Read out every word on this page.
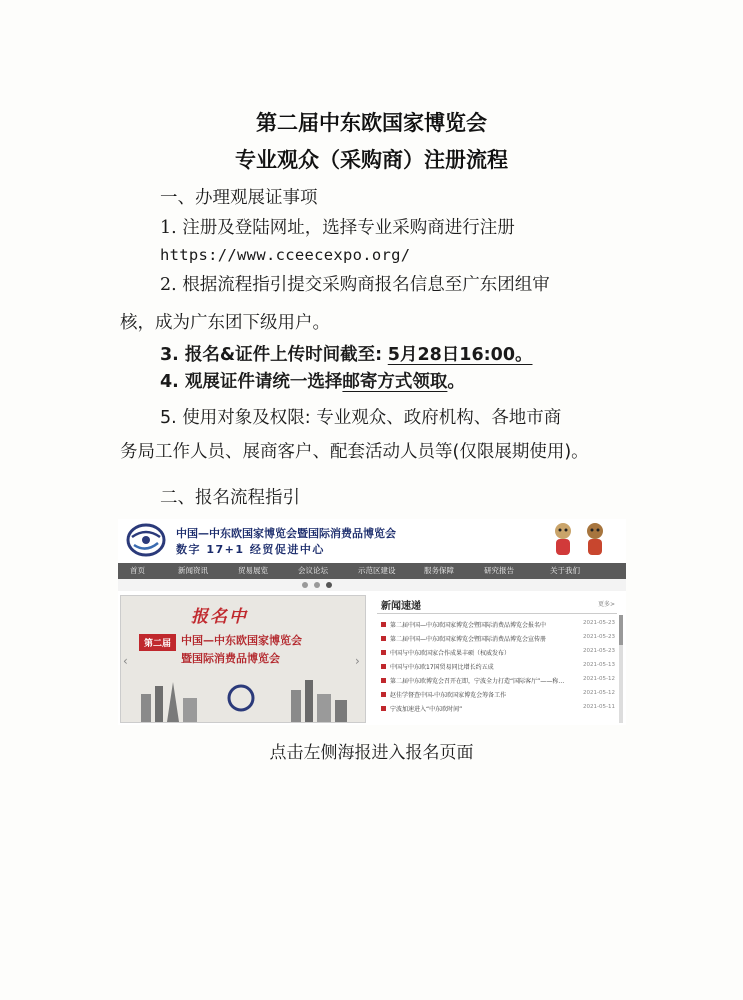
第二届中东欧国家博览会
专业观众（采购商）注册流程
一、办理观展证事项
1. 注册及登陆网址，选择专业采购商进行注册
https://www.cceecexpo.org/
2. 根据流程指引提交采购商报名信息至广东团组审
核，成为广东团下级用户。
3. 报名&证件上传时间截至: 5月28日16:00。
4. 观展证件请统一选择邮寄方式领取。
5. 使用对象及权限: 专业观众、政府机构、各地市商
务局工作人员、展商客户、配套活动人员等(仅限展期使用)。
二、报名流程指引
中国—中东欧国家博览会暨国际消费品博览会
数字 17+1 经贸促进中心
首页	新闻资讯	贸易展览	会议论坛	示范区建设	服务保障	研究报告	关于我们
报名中
第二届 中国—中东欧国家博览会
暨国际消费品博览会
‹	›
新闻速递	更多>
第二届中国—中东欧国家博览会暨国际消费品博览会报名中	2021-05-23
第二届中国—中东欧国家博览会暨国际消费品博览会宣传册	2021-05-23
中国与中东欧国家合作成果丰硕（权威发布）	2021-05-23
中国与中东欧17国贸易同比增长约五成	2021-05-13
第二届中东欧博览会召开在即，宁波全力打造“国际客厅”——称…	2021-05-12
赵佳学督查中国-中东欧国家博览会筹备工作	2021-05-12
宁波加速进入“中东欧时间”	2021-05-11
点击左侧海报进入报名页面
